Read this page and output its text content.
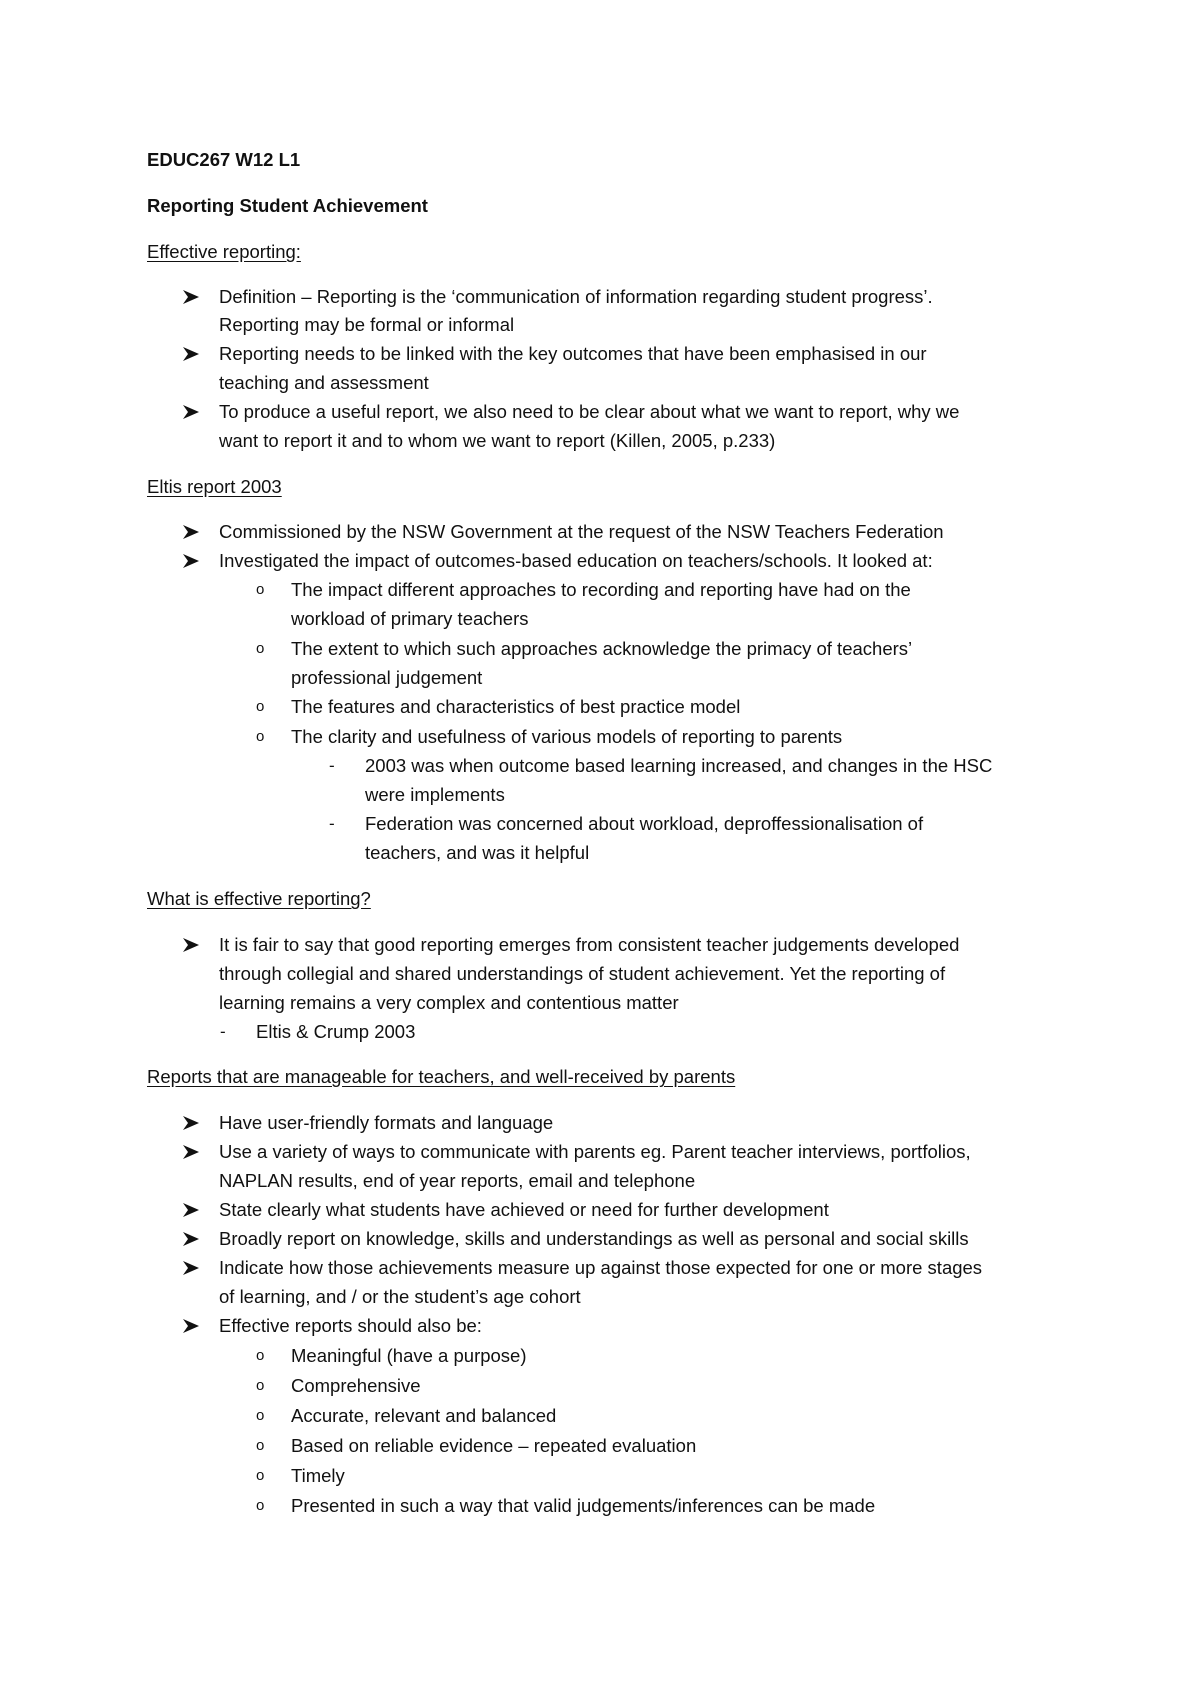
EDUC267 W12 L1
Reporting Student Achievement
Effective reporting:
Definition – Reporting is the ‘communication of information regarding student progress’.
Reporting may be formal or informal
Reporting needs to be linked with the key outcomes that have been emphasised in our
teaching and assessment
To produce a useful report, we also need to be clear about what we want to report, why we
want to report it and to whom we want to report (Killen, 2005, p.233)
Eltis report 2003
Commissioned by the NSW Government at the request of the NSW Teachers Federation
Investigated the impact of outcomes-based education on teachers/schools. It looked at:
o The impact different approaches to recording and reporting have had on the
workload of primary teachers
o The extent to which such approaches acknowledge the primacy of teachers’
professional judgement
o The features and characteristics of best practice model
o The clarity and usefulness of various models of reporting to parents
- 2003 was when outcome based learning increased, and changes in the HSC
were implements
- Federation was concerned about workload, deproffessionalisation of
teachers, and was it helpful
What is effective reporting?
It is fair to say that good reporting emerges from consistent teacher judgements developed
through collegial and shared understandings of student achievement. Yet the reporting of
learning remains a very complex and contentious matter
- Eltis & Crump 2003
Reports that are manageable for teachers, and well-received by parents
Have user-friendly formats and language
Use a variety of ways to communicate with parents eg. Parent teacher interviews, portfolios,
NAPLAN results, end of year reports, email and telephone
State clearly what students have achieved or need for further development
Broadly report on knowledge, skills and understandings as well as personal and social skills
Indicate how those achievements measure up against those expected for one or more stages
of learning, and / or the student’s age cohort
Effective reports should also be:
o Meaningful (have a purpose)
o Comprehensive
o Accurate, relevant and balanced
o Based on reliable evidence – repeated evaluation
o Timely
o Presented in such a way that valid judgements/inferences can be made
